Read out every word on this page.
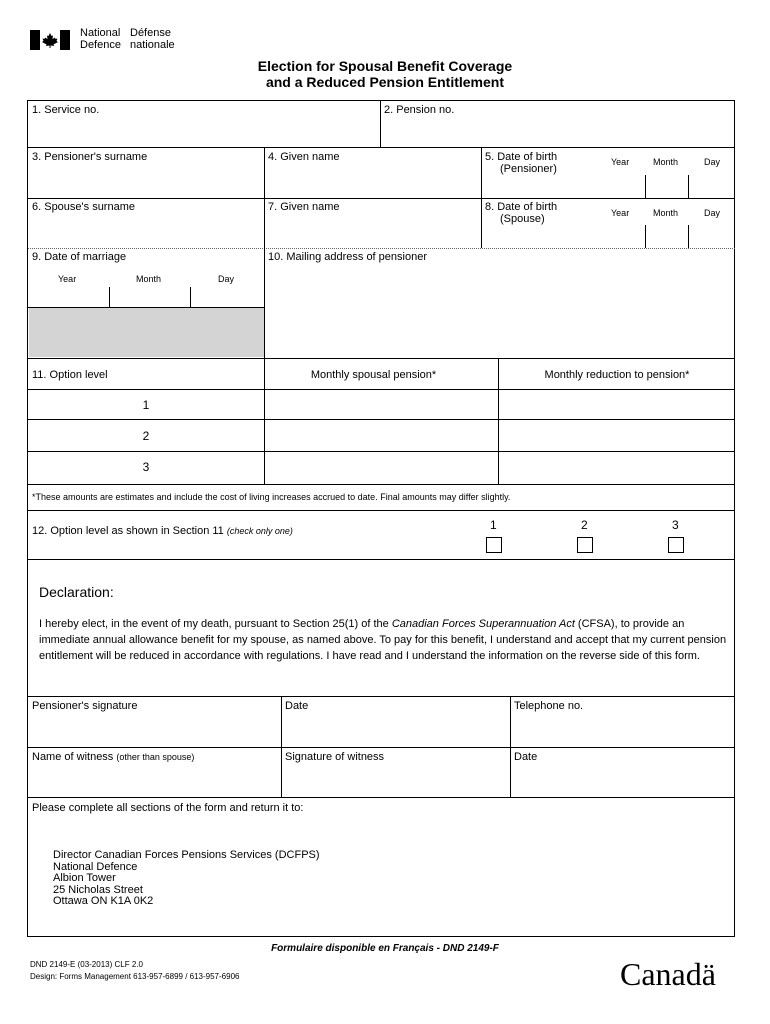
National
Defence
Défense
nationale
Election for Spousal Benefit Coverage
and a Reduced Pension Entitlement
1. Service no.	2. Pension no.
3. Pensioner's surname	4. Given name	5. Date of birth
(Pensioner)
Year	Month	Day
6. Spouse's surname	7. Given name	8. Date of birth
(Spouse)	Year	Month	Day
9. Date of marriage
Year	Month	Day
10. Mailing address of pensioner
11. Option level	Monthly spousal pension*	Monthly reduction to pension*
1
2
3
*These amounts are estimates and include the cost of living increases accrued to date. Final amounts may differ slightly.
12. Option level as shown in Section 11 (check only one)	1	2	3
Declaration:
I hereby elect, in the event of my death, pursuant to Section 25(1) of the Canadian Forces Superannuation Act (CFSA), to provide an immediate annual allowance benefit for my spouse, as named above. To pay for this benefit, I understand and accept that my current pension entitlement will be reduced in accordance with regulations. I have read and I understand the information on the reverse side of this form.
Pensioner's signature	Date	Telephone no.
Name of witness (other than spouse)	Signature of witness	Date
Please complete all sections of the form and return it to:
Director Canadian Forces Pensions Services (DCFPS)
National Defence
Albion Tower
25 Nicholas Street
Ottawa ON K1A 0K2
Formulaire disponible en Français - DND 2149-F
DND 2149-E (03-2013) CLF 2.0
Design: Forms Management 613-957-6899 / 613-957-6906	Canadä
